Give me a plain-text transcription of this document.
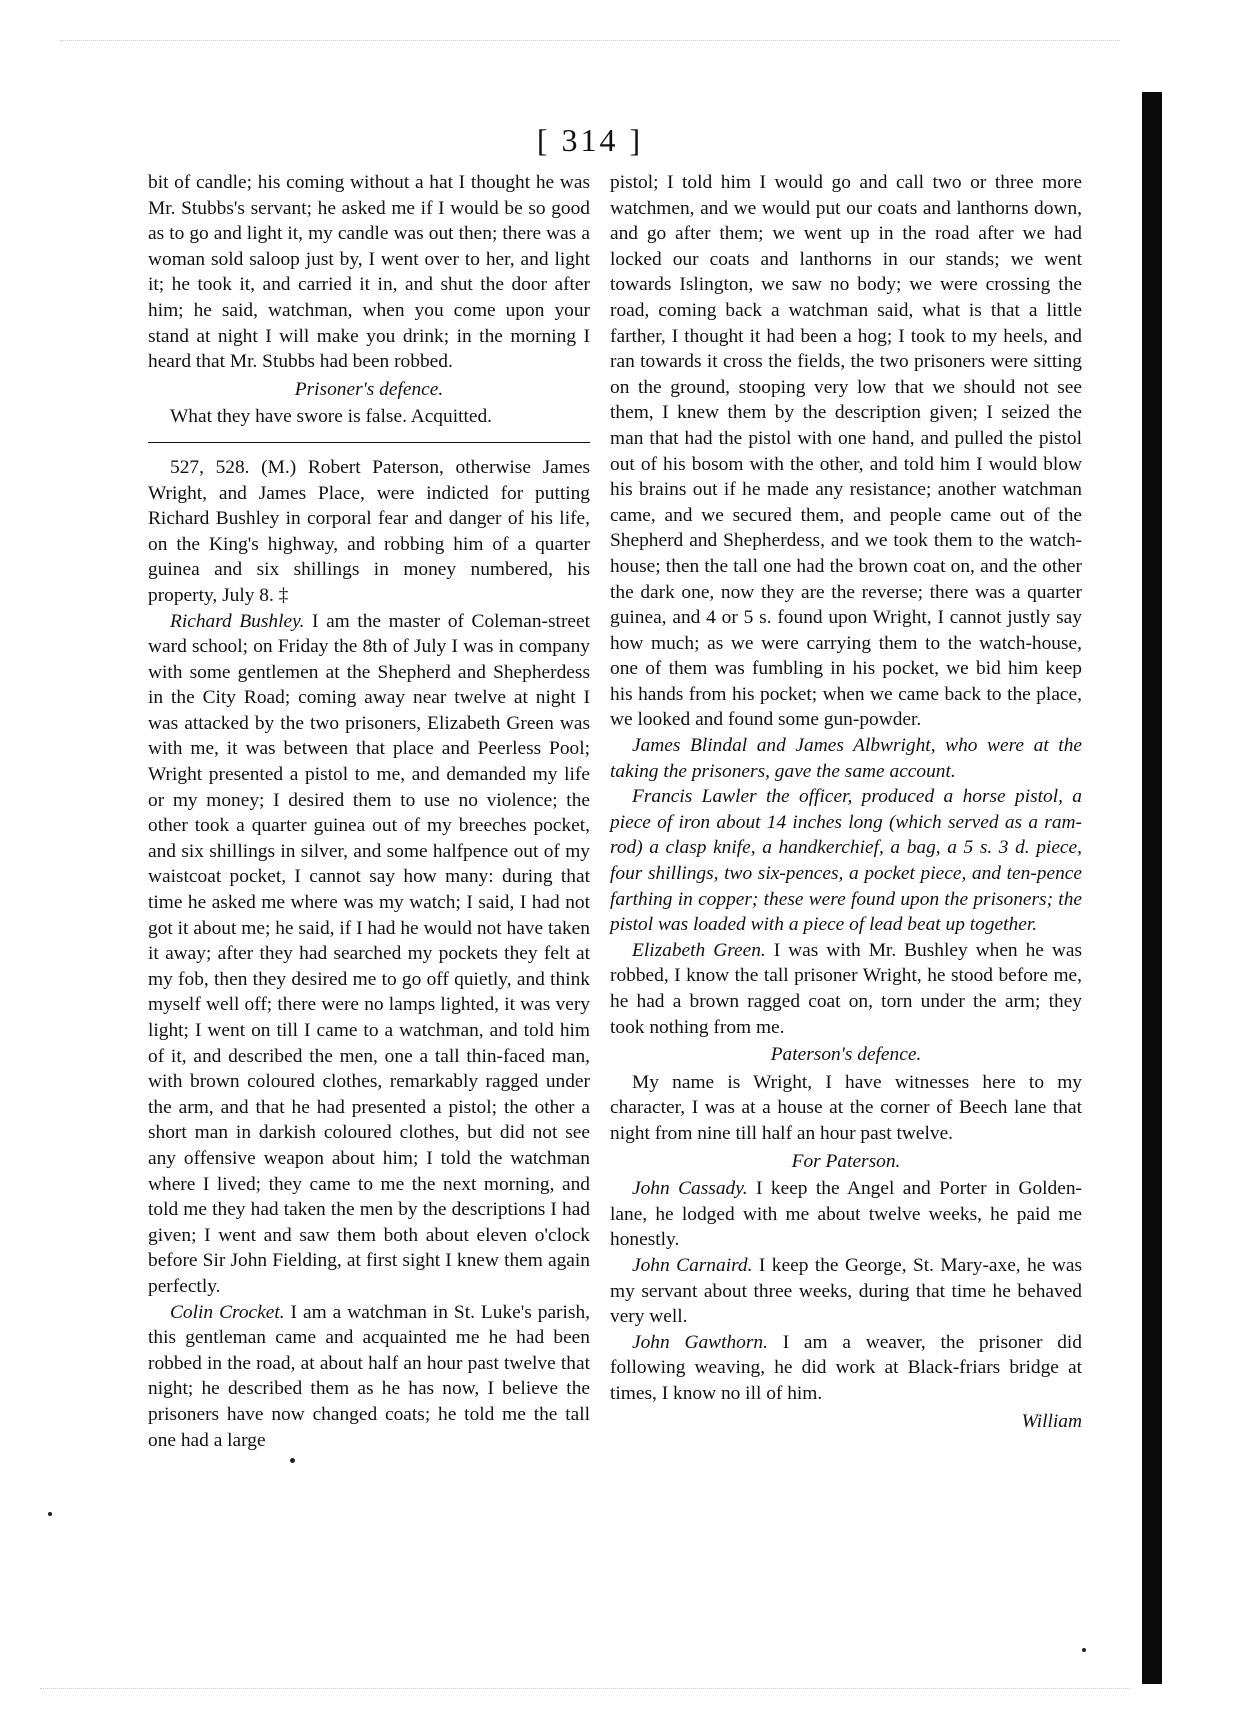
[ 314 ]

bit of candle; his coming without a hat I thought he was Mr. Stubbs's servant; he asked me if I would be so good as to go and light it, my candle was out then; there was a woman sold saloop just by, I went over to her, and light it; he took it, and carried it in, and shut the door after him; he said, watchman, when you come upon your stand at night I will make you drink; in the morning I heard that Mr. Stubbs had been robbed.

Prisoner's defence.

What they have swore is false. Acquitted.

527, 528. (M.) Robert Paterson, otherwise James Wright, and James Place, were indicted for putting Richard Bushley in corporal fear and danger of his life, on the King's highway, and robbing him of a quarter guinea and six shillings in money numbered, his property, July 8. ‡

Richard Bushley. I am the master of Coleman-street ward school; on Friday the 8th of July I was in company with some gentlemen at the Shepherd and Shepherdess in the City Road; coming away near twelve at night I was attacked by the two prisoners, Elizabeth Green was with me, it was between that place and Peerless Pool; Wright presented a pistol to me, and demanded my life or my money; I desired them to use no violence; the other took a quarter guinea out of my breeches pocket, and six shillings in silver, and some halfpence out of my waistcoat pocket, I cannot say how many: during that time he asked me where was my watch; I said, I had not got it about me; he said, if I had he would not have taken it away; after they had searched my pockets they felt at my fob, then they desired me to go off quietly, and think myself well off; there were no lamps lighted, it was very light; I went on till I came to a watchman, and told him of it, and described the men, one a tall thin-faced man, with brown coloured clothes, remarkably ragged under the arm, and that he had presented a pistol; the other a short man in darkish coloured clothes, but did not see any offensive weapon about him; I told the watchman where I lived; they came to me the next morning, and told me they had taken the men by the descriptions I had given; I went and saw them both about eleven o'clock before Sir John Fielding, at first sight I knew them again perfectly.

Colin Crocket. I am a watchman in St. Luke's parish, this gentleman came and acquainted me he had been robbed in the road, at about half an hour past twelve that night; he described them as he has now, I believe the prisoners have now changed coats; he told me the tall one had a large

pistol; I told him I would go and call two or three more watchmen, and we would put our coats and lanthorns down, and go after them; we went up in the road after we had locked our coats and lanthorns in our stands; we went towards Islington, we saw no body; we were crossing the road, coming back a watchman said, what is that a little farther, I thought it had been a hog; I took to my heels, and ran towards it cross the fields, the two prisoners were sitting on the ground, stooping very low that we should not see them, I knew them by the description given; I seized the man that had the pistol with one hand, and pulled the pistol out of his bosom with the other, and told him I would blow his brains out if he made any resistance; another watchman came, and we secured them, and people came out of the Shepherd and Shepherdess, and we took them to the watch-house; then the tall one had the brown coat on, and the other the dark one, now they are the reverse; there was a quarter guinea, and 4 or 5 s. found upon Wright, I cannot justly say how much; as we were carrying them to the watch-house, one of them was fumbling in his pocket, we bid him keep his hands from his pocket; when we came back to the place, we looked and found some gun-powder.

James Blindal and James Albwright, who were at the taking the prisoners, gave the same account.

Francis Lawler the officer, produced a horse pistol, a piece of iron about 14 inches long (which served as a ram-rod) a clasp knife, a handkerchief, a bag, a 5 s. 3 d. piece, four shillings, two six-pences, a pocket piece, and ten-pence farthing in copper; these were found upon the prisoners; the pistol was loaded with a piece of lead beat up together.

Elizabeth Green. I was with Mr. Bushley when he was robbed, I know the tall prisoner Wright, he stood before me, he had a brown ragged coat on, torn under the arm; they took nothing from me.

Paterson's defence.

My name is Wright, I have witnesses here to my character, I was at a house at the corner of Beech lane that night from nine till half an hour past twelve.

For Paterson.

John Cassady. I keep the Angel and Porter in Golden-lane, he lodged with me about twelve weeks, he paid me honestly.

John Carnaird. I keep the George, St. Mary-axe, he was my servant about three weeks, during that time he behaved very well.

John Gawthorn. I am a weaver, the prisoner did following weaving, he did work at Black-friars bridge at times, I know no ill of him.

William
